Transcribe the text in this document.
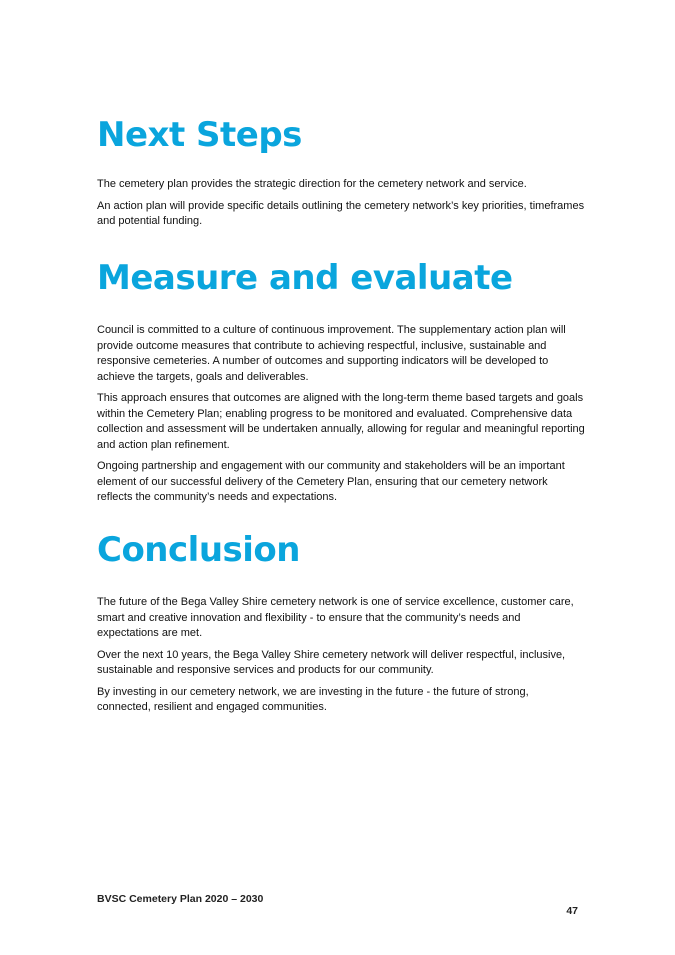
Next Steps

The cemetery plan provides the strategic direction for the cemetery network and service.

An action plan will provide specific details outlining the cemetery network’s key priorities, timeframes and potential funding.

Measure and evaluate

Council is committed to a culture of continuous improvement. The supplementary action plan will provide outcome measures that contribute to achieving respectful, inclusive, sustainable and responsive cemeteries. A number of outcomes and supporting indicators will be developed to achieve the targets, goals and deliverables.

This approach ensures that outcomes are aligned with the long-term theme based targets and goals within the Cemetery Plan; enabling progress to be monitored and evaluated. Comprehensive data collection and assessment will be undertaken annually, allowing for regular and meaningful reporting and action plan refinement.

Ongoing partnership and engagement with our community and stakeholders will be an important element of our successful delivery of the Cemetery Plan, ensuring that our cemetery network reflects the community’s needs and expectations.

Conclusion

The future of the Bega Valley Shire cemetery network is one of service excellence, customer care, smart and creative innovation and flexibility - to ensure that the community’s needs and expectations are met.

Over the next 10 years, the Bega Valley Shire cemetery network will deliver respectful, inclusive, sustainable and responsive services and products for our community.

By investing in our cemetery network, we are investing in the future - the future of strong, connected, resilient and engaged communities.

BVSC Cemetery Plan 2020 – 2030
47
